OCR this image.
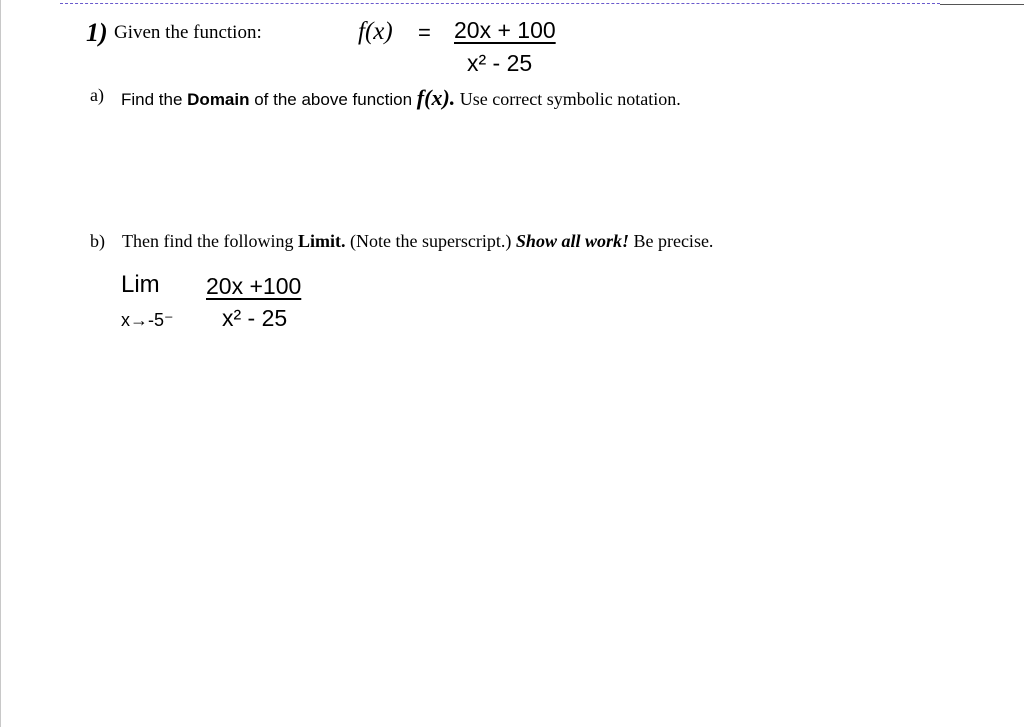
1) Given the function:	f(x) = 20x + 100
x² - 25
a) Find the Domain of the above function f(x). Use correct symbolic notation.
b) Then find the following Limit. (Note the superscript.) Show all work! Be precise.
Lim 20x +100
x→-5⁻ x² - 25
